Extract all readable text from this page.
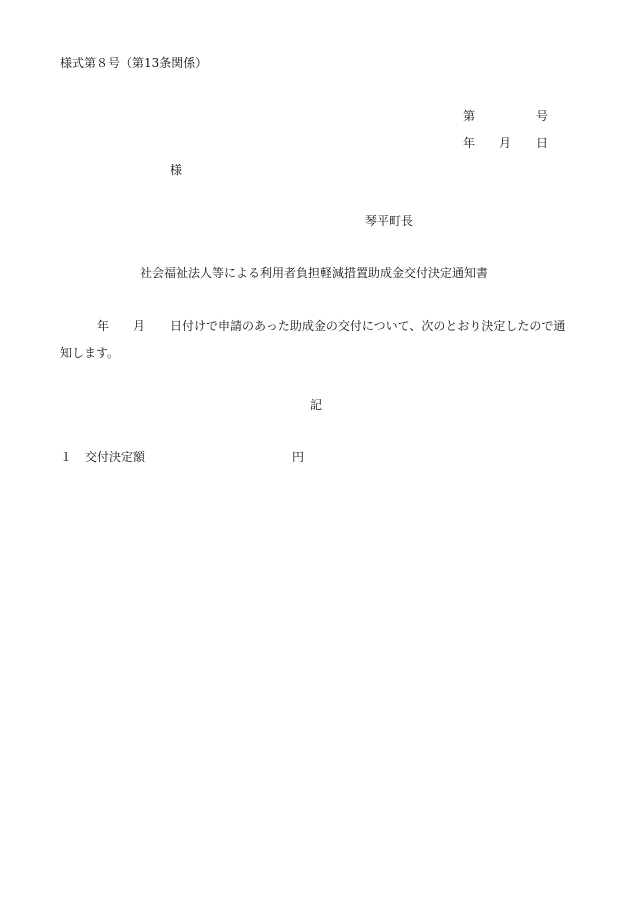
様式第８号（第13条関係）
第	号
年 月 日
様
琴平町長
社会福祉法人等による利用者負担軽減措置助成金交付決定通知書
年 月 日付けで申請のあった助成金の交付について、次のとおり決定したので通
知します。
記
１ 交付決定額	円
